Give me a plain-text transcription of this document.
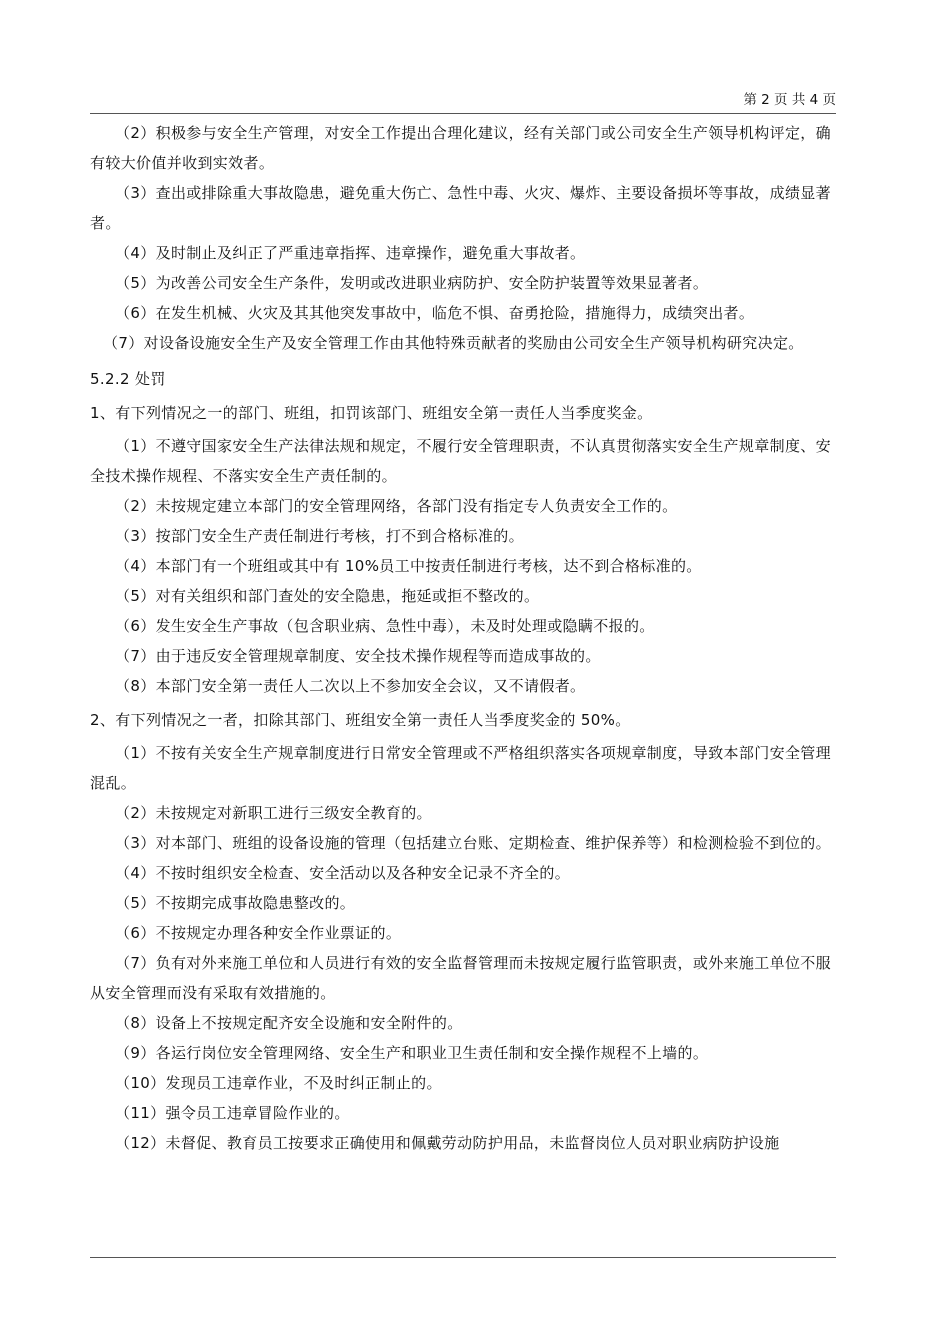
第 2 页 共 4 页

（2）积极参与安全生产管理，对安全工作提出合理化建议，经有关部门或公司安全生产领导机构评定，确有较大价值并收到实效者。

（3）查出或排除重大事故隐患，避免重大伤亡、急性中毒、火灾、爆炸、主要设备损坏等事故，成绩显著者。

（4）及时制止及纠正了严重违章指挥、违章操作，避免重大事故者。

（5）为改善公司安全生产条件，发明或改进职业病防护、安全防护装置等效果显著者。

（6）在发生机械、火灾及其其他突发事故中，临危不惧、奋勇抢险，措施得力，成绩突出者。

（7）对设备设施安全生产及安全管理工作由其他特殊贡献者的奖励由公司安全生产领导机构研究决定。

5.2.2 处罚

1、有下列情况之一的部门、班组，扣罚该部门、班组安全第一责任人当季度奖金。

（1）不遵守国家安全生产法律法规和规定，不履行安全管理职责，不认真贯彻落实安全生产规章制度、安全技术操作规程、不落实安全生产责任制的。

（2）未按规定建立本部门的安全管理网络，各部门没有指定专人负责安全工作的。

（3）按部门安全生产责任制进行考核，打不到合格标准的。

（4）本部门有一个班组或其中有 10%员工中按责任制进行考核，达不到合格标准的。

（5）对有关组织和部门查处的安全隐患，拖延或拒不整改的。

（6）发生安全生产事故（包含职业病、急性中毒），未及时处理或隐瞒不报的。

（7）由于违反安全管理规章制度、安全技术操作规程等而造成事故的。

（8）本部门安全第一责任人二次以上不参加安全会议，又不请假者。

2、有下列情况之一者，扣除其部门、班组安全第一责任人当季度奖金的 50%。

（1）不按有关安全生产规章制度进行日常安全管理或不严格组织落实各项规章制度，导致本部门安全管理混乱。

（2）未按规定对新职工进行三级安全教育的。

（3）对本部门、班组的设备设施的管理（包括建立台账、定期检查、维护保养等）和检测检验不到位的。

（4）不按时组织安全检查、安全活动以及各种安全记录不齐全的。

（5）不按期完成事故隐患整改的。

（6）不按规定办理各种安全作业票证的。

（7）负有对外来施工单位和人员进行有效的安全监督管理而未按规定履行监管职责，或外来施工单位不服从安全管理而没有采取有效措施的。

（8）设备上不按规定配齐安全设施和安全附件的。

（9）各运行岗位安全管理网络、安全生产和职业卫生责任制和安全操作规程不上墙的。

（10）发现员工违章作业，不及时纠正制止的。

（11）强令员工违章冒险作业的。

（12）未督促、教育员工按要求正确使用和佩戴劳动防护用品，未监督岗位人员对职业病防护设施
